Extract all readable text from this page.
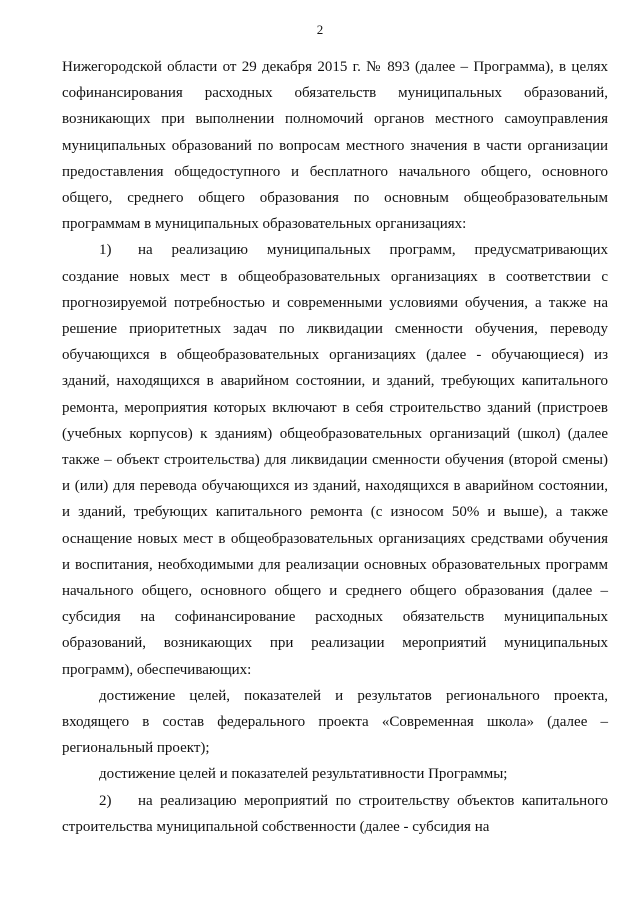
2

Нижегородской области от 29 декабря 2015 г. № 893 (далее – Программа), в целях софинансирования расходных обязательств муниципальных образований, возникающих при выполнении полномочий органов местного самоуправления муниципальных образований по вопросам местного значения в части организации предоставления общедоступного и бесплатного начального общего, основного общего, среднего общего образования по основным общеобразовательным программам в муниципальных образовательных организациях:

1) на реализацию муниципальных программ, предусматривающих создание новых мест в общеобразовательных организациях в соответствии с прогнозируемой потребностью и современными условиями обучения, а также на решение приоритетных задач по ликвидации сменности обучения, переводу обучающихся в общеобразовательных организациях (далее - обучающиеся) из зданий, находящихся в аварийном состоянии, и зданий, требующих капитального ремонта, мероприятия которых включают в себя строительство зданий (пристроев (учебных корпусов) к зданиям) общеобразовательных организаций (школ) (далее также – объект строительства) для ликвидации сменности обучения (второй смены) и (или) для перевода обучающихся из зданий, находящихся в аварийном состоянии, и зданий, требующих капитального ремонта (с износом 50% и выше), а также оснащение новых мест в общеобразовательных организациях средствами обучения и воспитания, необходимыми для реализации основных образовательных программ начального общего, основного общего и среднего общего образования (далее – субсидия на софинансирование расходных обязательств муниципальных образований, возникающих при реализации мероприятий муниципальных программ), обеспечивающих:

достижение целей, показателей и результатов регионального проекта, входящего в состав федерального проекта «Современная школа» (далее – региональный проект);

достижение целей и показателей результативности Программы;

2) на реализацию мероприятий по строительству объектов капитального строительства муниципальной собственности (далее - субсидия на
